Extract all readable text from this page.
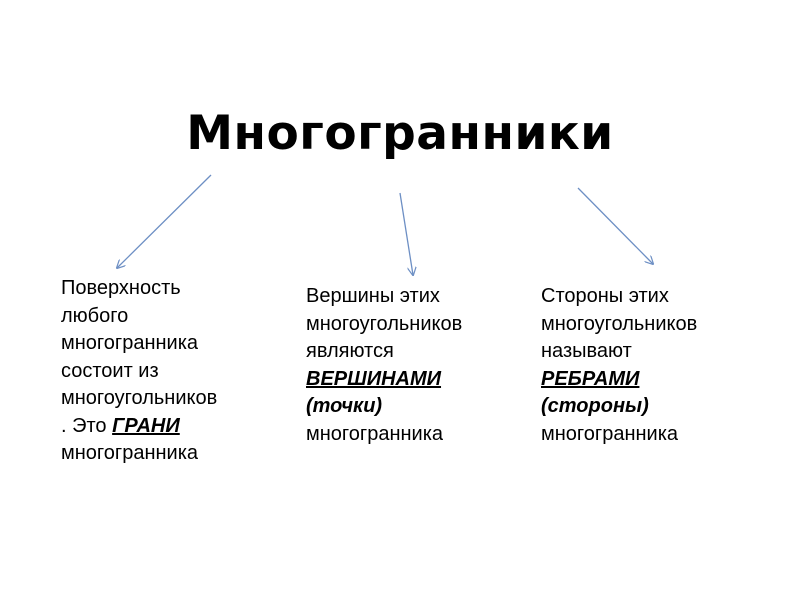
Многогранники
Поверхность
любого
многогранника
состоит из
многоугольников
. Это ГРАНИ
многогранника
Вершины этих
многоугольников
являются
ВЕРШИНАМИ
(точки)
многогранника
Стороны этих
многоугольников
называют
РЕБРАМИ
(стороны)
многогранника
